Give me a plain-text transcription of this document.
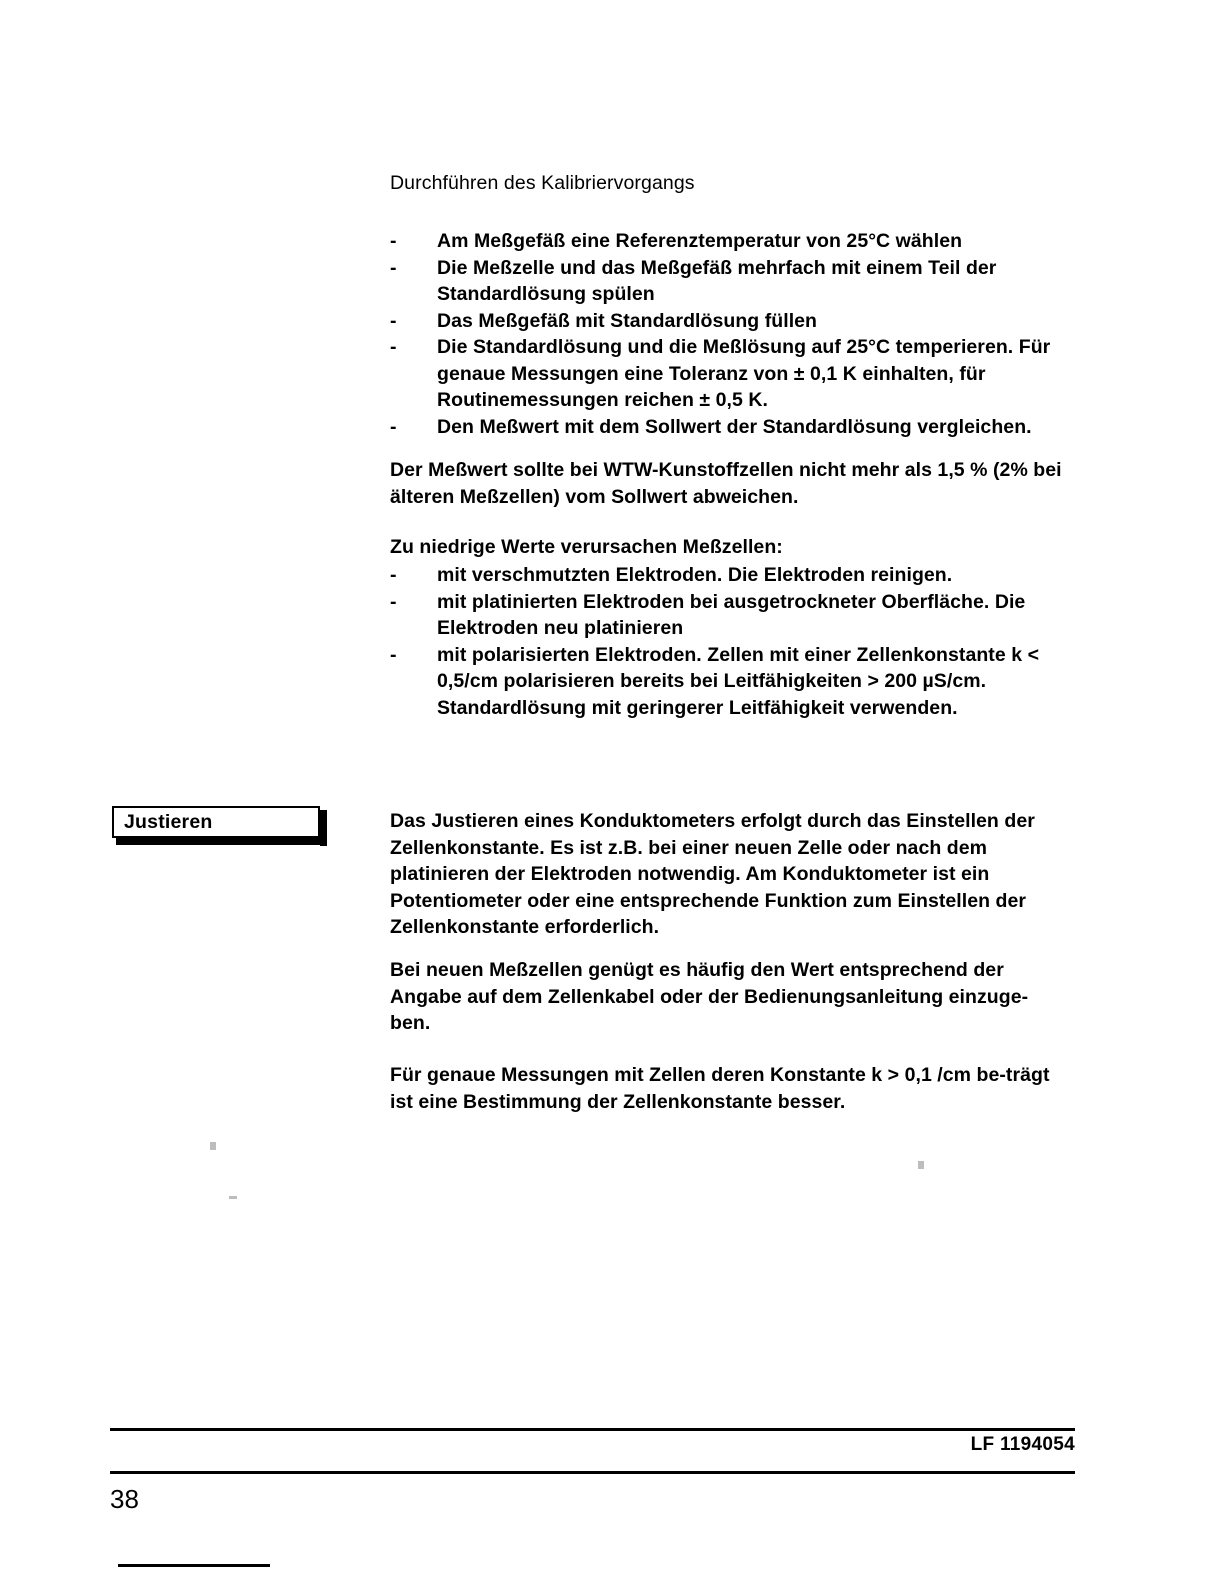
Durchführen des Kalibriervorgangs
-	Am Meßgefäß eine Referenztemperatur von 25°C wählen
-	Die Meßzelle und das Meßgefäß mehrfach mit einem Teil der Standardlösung spülen
-	Das Meßgefäß mit Standardlösung füllen
-	Die Standardlösung und die Meßlösung auf 25°C temperieren. Für genaue Messungen eine Toleranz von ± 0,1 K einhalten, für Routinemessungen reichen ± 0,5 K.
-	Den Meßwert mit dem Sollwert der Standardlösung vergleichen.
Der Meßwert sollte bei WTW-Kunstoffzellen nicht mehr als 1,5 % (2% bei älteren Meßzellen) vom Sollwert abweichen.
Zu niedrige Werte verursachen Meßzellen:
-	mit verschmutzten Elektroden. Die Elektroden reinigen.
-	mit platinierten Elektroden bei ausgetrockneter Oberfläche. Die Elektroden neu platinieren
-	mit polarisierten Elektroden. Zellen mit einer Zellenkonstante k < 0,5/cm polarisieren bereits bei Leitfähigkeiten > 200 µS/cm. Standardlösung mit geringerer Leitfähigkeit verwenden.
Justieren	Das Justieren eines Konduktometers erfolgt durch das Einstellen der Zellenkonstante. Es ist z.B. bei einer neuen Zelle oder nach dem platinieren der Elektroden notwendig. Am Konduktometer ist ein Potentiometer oder eine entsprechende Funktion zum Einstellen der Zellenkonstante erforderlich.
Bei neuen Meßzellen genügt es häufig den Wert entsprechend der Angabe auf dem Zellenkabel oder der Bedienungsanleitung einzuge-ben.
Für genaue Messungen mit Zellen deren Konstante k > 0,1 /cm be-trägt ist eine Bestimmung der Zellenkonstante besser.
LF 1194054
38
